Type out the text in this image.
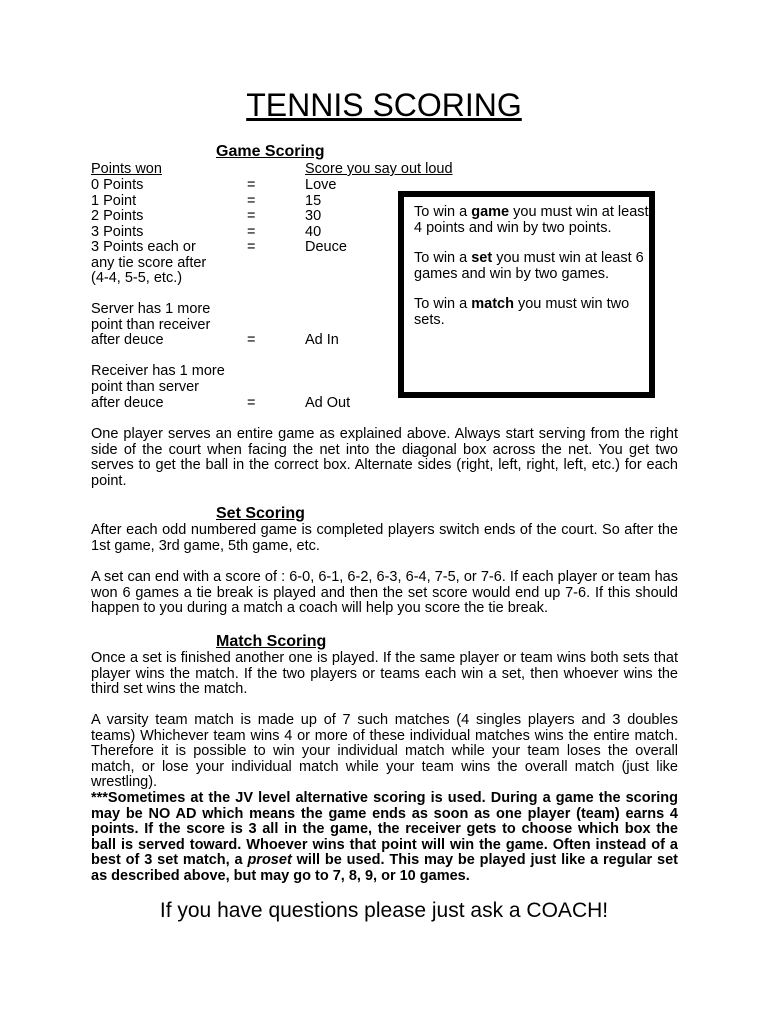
TENNIS SCORING
Game Scoring
Points won	Score you say out loud
0 Points	=	Love
1 Point	=	15
2 Points	=	30
3 Points	=	40
3 Points each or
any tie score after
(4-4, 5-5, etc.)
=	Deuce
Server has 1 more
point than receiver
after deuce	=	Ad In
Receiver has 1 more
point than server
after deuce	=	Ad Out

To win a game you must win at least 4 points and win by two points.

To win a set you must win at least 6 games and win by two games.

To win a match you must win two sets.

One player serves an entire game as explained above. Always start serving from the right side of the court when facing the net into the diagonal box across the net. You get two serves to get the ball in the correct box. Alternate sides (right, left, right, left, etc.) for each point.
Set Scoring
After each odd numbered game is completed players switch ends of the court. So after the 1st game, 3rd game, 5th game, etc.
A set can end with a score of : 6-0, 6-1, 6-2, 6-3, 6-4, 7-5, or 7-6. If each player or team has won 6 games a tie break is played and then the set score would end up 7-6. If this should happen to you during a match a coach will help you score the tie break.
Match Scoring
Once a set is finished another one is played. If the same player or team wins both sets that player wins the match. If the two players or teams each win a set, then whoever wins the third set wins the match.
A varsity team match is made up of 7 such matches (4 singles players and 3 doubles teams) Whichever team wins 4 or more of these individual matches wins the entire match. Therefore it is possible to win your individual match while your team loses the overall match, or lose your individual match while your team wins the overall match (just like wrestling).
***Sometimes at the JV level alternative scoring is used. During a game the scoring may be NO AD which means the game ends as soon as one player (team) earns 4 points. If the score is 3 all in the game, the receiver gets to choose which box the ball is served toward. Whoever wins that point will win the game. Often instead of a best of 3 set match, a proset will be used. This may be played just like a regular set as described above, but may go to 7, 8, 9, or 10 games.
If you have questions please just ask a COACH!
